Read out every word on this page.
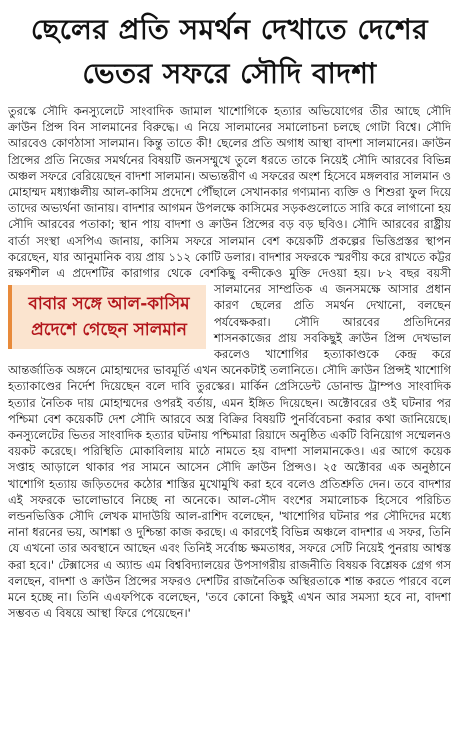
ছেলের প্রতি সমর্থন দেখাতে দেশের
ভেতর সফরে সৌদি বাদশা

তুরস্কে সৌদি কনস্যুলেটে সাংবাদিক জামাল খাশোগিকে হত্যার অভিযোগের তীর আছে সৌদি ক্রাউন প্রিন্স বিন সালমানের বিরুদ্ধে। এ নিয়ে সালমানের সমালোচনা চলছে গোটা বিশ্বে। সৌদি আরবেও কোণঠাসা সালমান। কিন্তু তাতে কী! ছেলের প্রতি অগাধ আস্থা বাদশা সালমানের। ক্রাউন প্রিন্সের প্রতি নিজের সমর্থনের বিষয়টি জনসম্মুখে তুলে ধরতে তাকে নিয়েই সৌদি আরবের বিভিন্ন অঞ্চল সফরে বেরিয়েছেন বাদশা সালমান। অভ্যন্তরীণ এ সফরের অংশ হিসেবে মঙ্গলবার সালমান ও মোহাম্মদ মধ্যাঞ্চলীয় আল-কাসিম প্রদেশে পৌঁছালে সেখানকার গণ্যমান্য ব্যক্তি ও শিশুরা ফুল দিয়ে তাদের অভ্যর্থনা জানায়। বাদশার আগমন উপলক্ষে কাসিমের সড়কগুলোতে সারি করে লাগানো হয় সৌদি আরবের পতাকা; স্থান পায় বাদশা ও ক্রাউন প্রিন্সের বড় বড় ছবিও। সৌদি আরবের রাষ্ট্রীয় বার্তা সংস্থা এসপিএ জানায়, কাসিম সফরে সালমান বেশ কয়েকটি প্রকল্পের ভিত্তিপ্রস্তর স্থাপন করেছেন, যার আনুমানিক ব্যয় প্রায় ১১২ কোটি ডলার। বাদশার সফরকে স্মরণীয় করে রাখতে কট্টর রক্ষণশীল এ প্রদেশটির কারাগার থেকে বেশকিছু বন্দীকেও মুক্তি দেওয়া হয়। ৮২ বছর বয়সী
বাবার সঙ্গে আল-কাসিম
প্রদেশে গেছেন সালমান
সালমানের সাম্প্রতিক এ জনসমক্ষে আসার প্রধান কারণ ছেলের প্রতি সমর্থন দেখানো, বলছেন পর্যবেক্ষকরা। সৌদি আরবের প্রতিদিনের শাসনকাজের প্রায় সবকিছুই ক্রাউন প্রিন্স দেখভাল করলেও খাশোগির হত্যাকাণ্ডকে কেন্দ্র করে আন্তর্জাতিক অঙ্গনে মোহাম্মদের ভাবমূর্তি এখন অনেকটাই তলানিতে। সৌদি ক্রাউন প্রিন্সই খাশোগি হত্যাকাণ্ডের নির্দেশ দিয়েছেন বলে দাবি তুরস্কের। মার্কিন প্রেসিডেন্ট ডোনাল্ড ট্রাম্পও সাংবাদিক হত্যার নৈতিক দায় মোহাম্মদের ওপরই বর্তায়, এমন ইঙ্গিত দিয়েছেন। অক্টোবরের ওই ঘটনার পর পশ্চিমা বেশ কয়েকটি দেশ সৌদি আরবে অস্ত্র বিক্রির বিষয়টি পুনর্বিবেচনা করার কথা জানিয়েছে। কনস্যুলেটের ভিতর সাংবাদিক হত্যার ঘটনায় পশ্চিমারা রিয়াদে অনুষ্ঠিত একটি বিনিয়োগ সম্মেলনও বয়কট করেছে। পরিস্থিতি মোকাবিলায় মাঠে নামতে হয় বাদশা সালমানকেও। এর আগে কয়েক সপ্তাহ আড়ালে থাকার পর সামনে আসেন সৌদি ক্রাউন প্রিন্সও। ২৫ অক্টোবর এক অনুষ্ঠানে খাশোগি হত্যায় জড়িতদের কঠোর শাস্তির মুখোমুখি করা হবে বলেও প্রতিশ্রুতি দেন। তবে বাদশার এই সফরকে ভালোভাবে নিচ্ছে না অনেকে। আল-সৌদ বংশের সমালোচক হিসেবে পরিচিত লন্ডনভিত্তিক সৌদি লেখক মাদাউয়ি আল-রাশিদ বলেছেন, 'খাশোগির ঘটনার পর সৌদিদের মধ্যে নানা ধরনের ভয়, আশঙ্কা ও দুশ্চিন্তা কাজ করছে। এ কারণেই বিভিন্ন অঞ্চলে বাদশার এ সফর, তিনি যে এখনো তার অবস্থানে আছেন এবং তিনিই সর্বোচ্চ ক্ষমতাধর, সফরে সেটি নিয়েই পুনরায় আশ্বস্ত করা হবে।' টেক্সাসের এ অ্যান্ড এম বিশ্ববিদ্যালয়ের উপসাগরীয় রাজনীতি বিষয়ক বিশ্লেষক গ্রেগ গস বলছেন, বাদশা ও ক্রাউন প্রিন্সের সফরও দেশটির রাজনৈতিক অস্থিরতাকে শান্ত করতে পারবে বলে মনে হচ্ছে না। তিনি এএফপিকে বলেছেন, 'তবে কোনো কিছুই এখন আর সমস্যা হবে না, বাদশা সম্ভবত এ বিষয়ে আস্থা ফিরে পেয়েছেন।'
